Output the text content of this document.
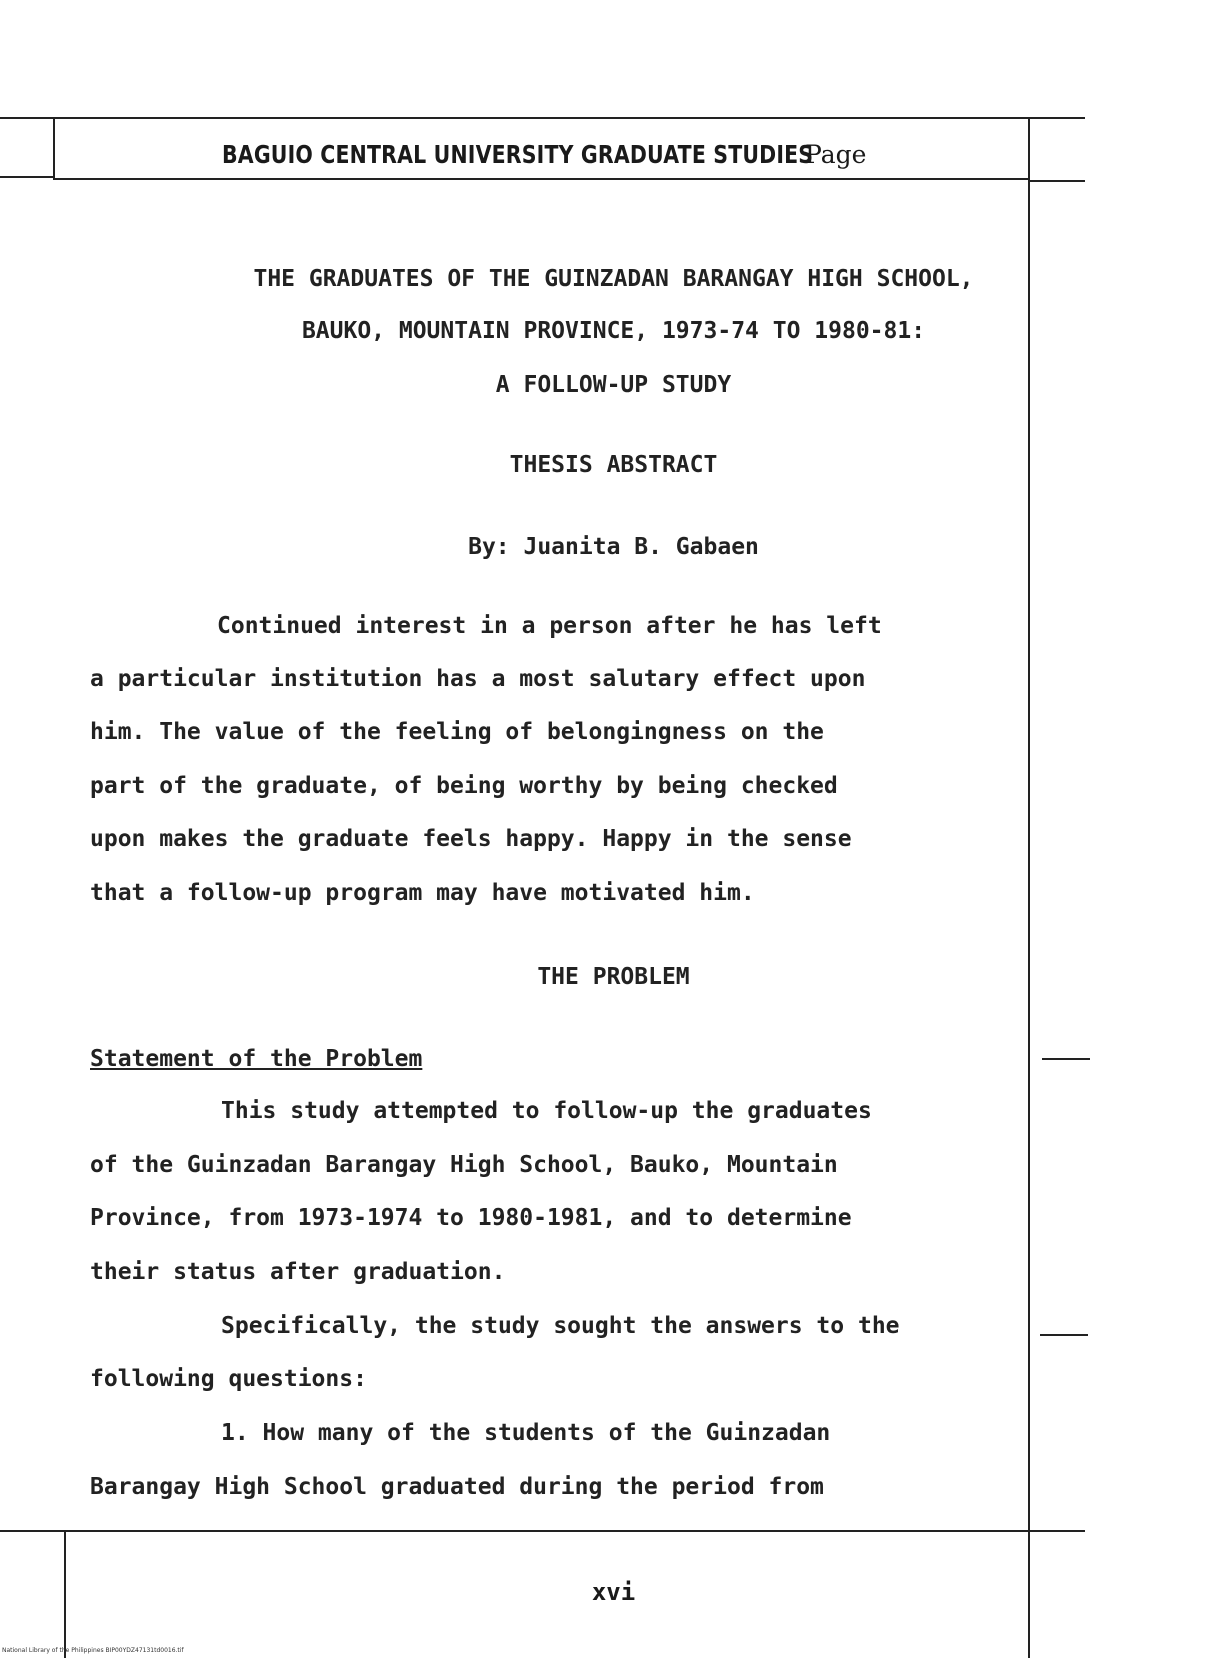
BAGUIO CENTRAL UNIVERSITY GRADUATE STUDIES
Page
THE GRADUATES OF THE GUINZADAN BARANGAY HIGH SCHOOL,
BAUKO, MOUNTAIN PROVINCE, 1973-74 TO 1980-81:
A FOLLOW-UP STUDY
THESIS ABSTRACT
By: Juanita B. Gabaen
Continued interest in a person after he has left
a particular institution has a most salutary effect upon
him. The value of the feeling of belongingness on the
part of the graduate, of being worthy by being checked
upon makes the graduate feels happy. Happy in the sense
that a follow-up program may have motivated him.
THE PROBLEM
Statement of the Problem
This study attempted to follow-up the graduates
of the Guinzadan Barangay High School, Bauko, Mountain
Province, from 1973-1974 to 1980-1981, and to determine
their status after graduation.
Specifically, the study sought the answers to the
following questions:
1. How many of the students of the Guinzadan
Barangay High School graduated during the period from
xvi
National Library of the Philippines BIP00YDZ47131td0016.tif
